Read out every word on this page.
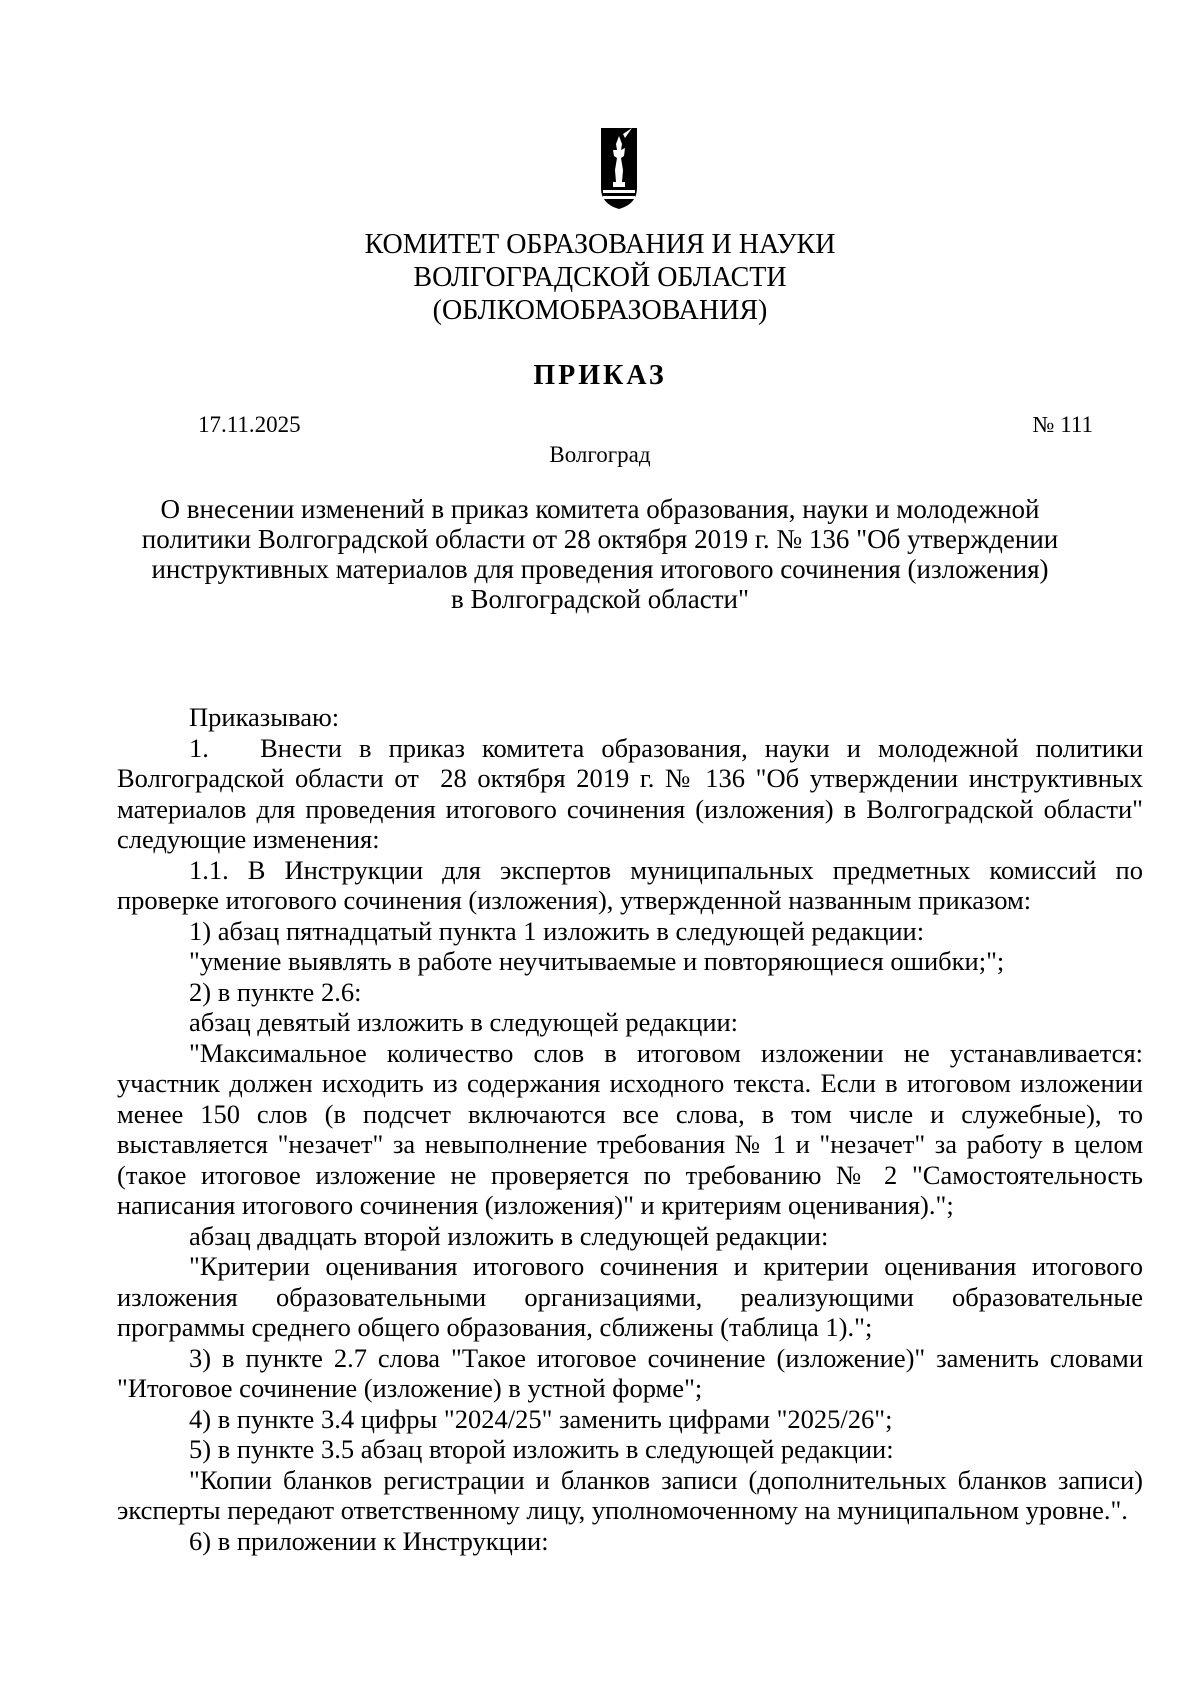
КОМИТЕТ ОБРАЗОВАНИЯ И НАУКИ
ВОЛГОГРАДСКОЙ ОБЛАСТИ
(ОБЛКОМОБРАЗОВАНИЯ)
ПРИКАЗ
17.11.2025	№ 111
Волгоград
О внесении изменений в приказ комитета образования, науки и молодежной
политики Волгоградской области от 28 октября 2019 г. № 136 "Об утверждении
инструктивных материалов для проведения итогового сочинения (изложения)
в Волгоградской области"

Приказываю:

1.   Внести в приказ комитета образования, науки и молодежной политики Волгоградской области от  28 октября 2019 г. № 136 "Об утверждении инструктивных материалов для проведения итогового сочинения (изложения) в Волгоградской области" следующие изменения:

1.1. В Инструкции для экспертов муниципальных предметных комиссий по проверке итогового сочинения (изложения), утвержденной названным приказом:

1) абзац пятнадцатый пункта 1 изложить в следующей редакции:

"умение выявлять в работе неучитываемые и повторяющиеся ошибки;";

2) в пункте 2.6:

абзац девятый изложить в следующей редакции:

"Максимальное количество слов в итоговом изложении не устанавливается: участник должен исходить из содержания исходного текста. Если в итоговом изложении менее 150 слов (в подсчет включаются все слова, в том числе и служебные), то выставляется "незачет" за невыполнение требования № 1 и "незачет" за работу в целом (такое итоговое изложение не проверяется по требованию № 2 "Самостоятельность написания итогового сочинения (изложения)" и критериям оценивания).";

абзац двадцать второй изложить в следующей редакции:

"Критерии оценивания итогового сочинения и критерии оценивания итогового изложения образовательными организациями, реализующими образовательные программы среднего общего образования, сближены (таблица 1).";

3) в пункте 2.7 слова "Такое итоговое сочинение (изложение)" заменить словами "Итоговое сочинение (изложение) в устной форме";

4) в пункте 3.4 цифры "2024/25" заменить цифрами "2025/26";

5) в пункте 3.5 абзац второй изложить в следующей редакции:

"Копии бланков регистрации и бланков записи (дополнительных бланков записи) эксперты передают ответственному лицу, уполномоченному на муниципальном уровне.".

6) в приложении к Инструкции:
